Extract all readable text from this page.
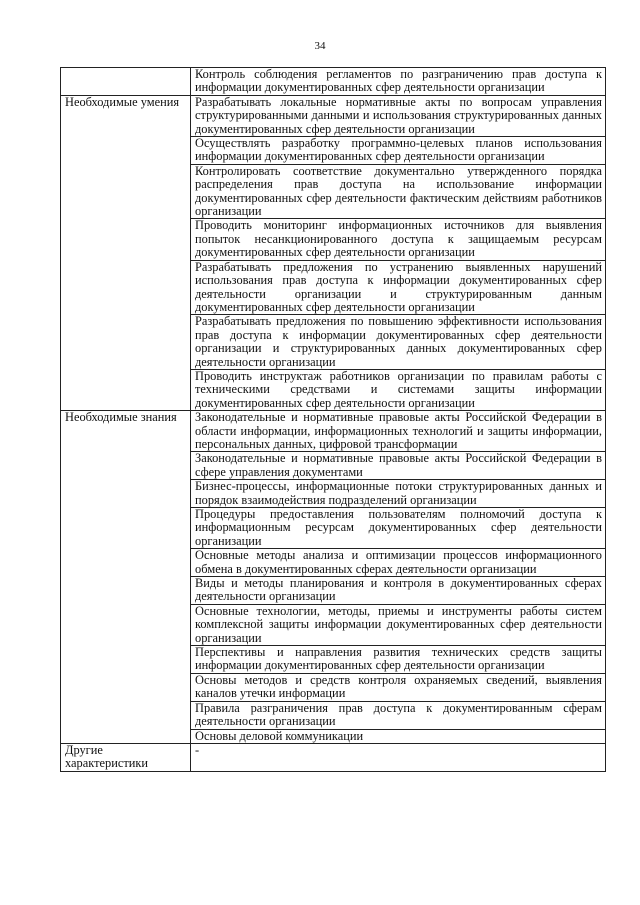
34
	Контроль соблюдения регламентов по разграничению прав доступа к информации документированных сфер деятельности организации
Необходимые умения	Разрабатывать локальные нормативные акты по вопросам управления структурированными данными и использования структурированных данных документированных сфер деятельности организации
	Осуществлять разработку программно-целевых планов использования информации документированных сфер деятельности организации
	Контролировать соответствие документально утвержденного порядка распределения прав доступа на использование информации документированных сфер деятельности фактическим действиям работников организации
	Проводить мониторинг информационных источников для выявления попыток несанкционированного доступа к защищаемым ресурсам документированных сфер деятельности организации
	Разрабатывать предложения по устранению выявленных нарушений использования прав доступа к информации документированных сфер деятельности организации и структурированным данным документированных сфер деятельности организации
	Разрабатывать предложения по повышению эффективности использования прав доступа к информации документированных сфер деятельности организации и структурированных данных документированных сфер деятельности организации
	Проводить инструктаж работников организации по правилам работы с техническими средствами и системами защиты информации документированных сфер деятельности организации
Необходимые знания	Законодательные и нормативные правовые акты Российской Федерации в области информации, информационных технологий и защиты информации, персональных данных, цифровой трансформации
	Законодательные и нормативные правовые акты Российской Федерации в сфере управления документами
	Бизнес-процессы, информационные потоки структурированных данных и порядок взаимодействия подразделений организации
	Процедуры предоставления пользователям полномочий доступа к информационным ресурсам документированных сфер деятельности организации
	Основные методы анализа и оптимизации процессов информационного обмена в документированных сферах деятельности организации
	Виды и методы планирования и контроля в документированных сферах деятельности организации
	Основные технологии, методы, приемы и инструменты работы систем комплексной защиты информации документированных сфер деятельности организации
	Перспективы и направления развития технических средств защиты информации документированных сфер деятельности организации
	Основы методов и средств контроля охраняемых сведений, выявления каналов утечки информации
	Правила разграничения прав доступа к документированным сферам деятельности организации
	Основы деловой коммуникации
Другие характеристики	-
